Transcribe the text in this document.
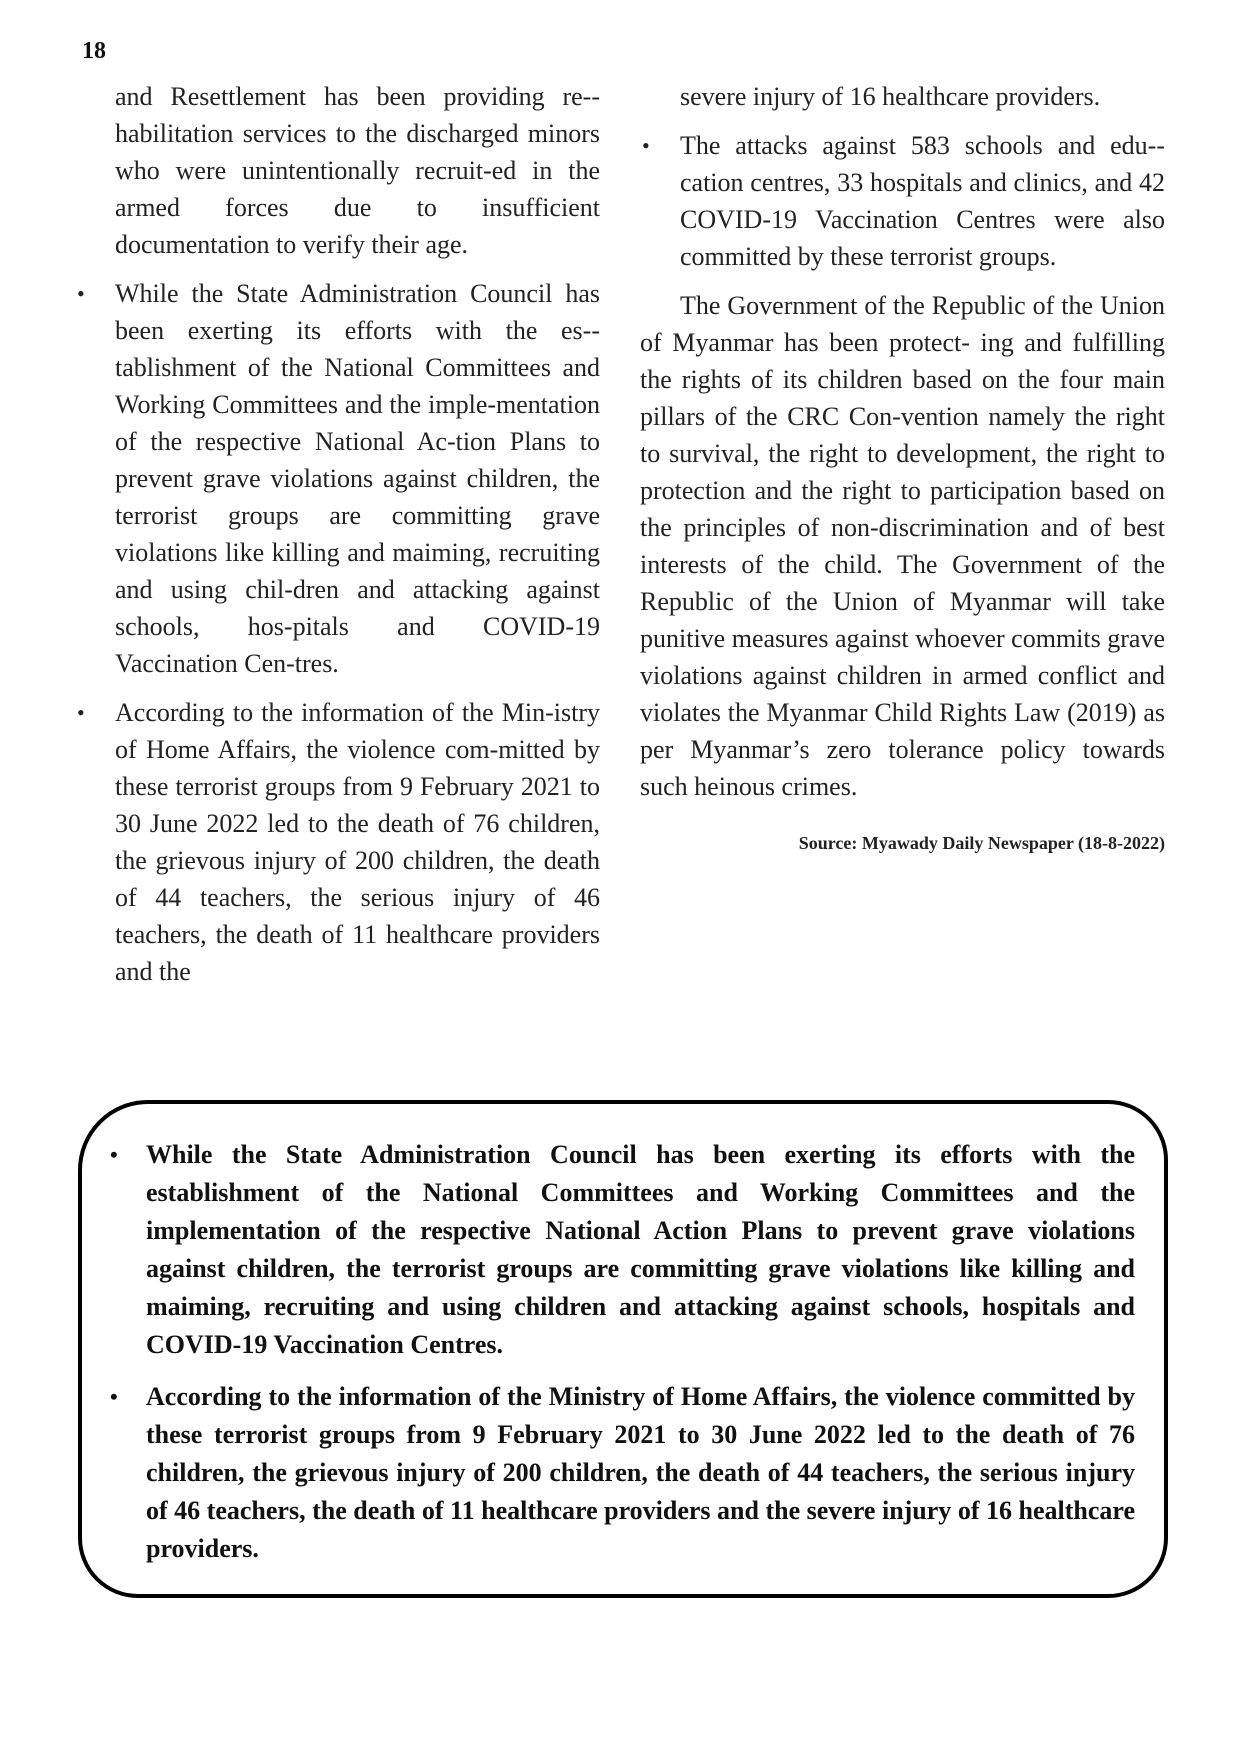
18

and Resettlement has been providing re-habilitation services to the discharged minors who were unintentionally recruit-ed in the armed forces due to insufficient documentation to verify their age.

• While the State Administration Council has been exerting its efforts with the es-tablishment of the National Committees and Working Committees and the imple-mentation of the respective National Ac-tion Plans to prevent grave violations against children, the terrorist groups are committing grave violations like killing and maiming, recruiting and using chil-dren and attacking against schools, hos-pitals and COVID-19 Vaccination Cen-tres.
• According to the information of the Min-istry of Home Affairs, the violence com-mitted by these terrorist groups from 9 February 2021 to 30 June 2022 led to the death of 76 children, the grievous injury of 200 children, the death of 44 teachers, the serious injury of 46 teachers, the death of 11 healthcare providers and the

severe injury of 16 healthcare providers.

• The attacks against 583 schools and edu-cation centres, 33 hospitals and clinics, and 42 COVID-19 Vaccination Centres were also committed by these terrorist groups.

The Government of the Republic of the Union of Myanmar has been protect- ing and fulfilling the rights of its children based on the four main pillars of the CRC Con-vention namely the right to survival, the right to development, the right to protection and the right to participation based on the principles of non-discrimination and of best interests of the child. The Government of the Republic of the Union of Myanmar will take punitive measures against whoever commits grave violations against children in armed conflict and violates the Myanmar Child Rights Law (2019) as per Myanmar’s zero tolerance policy towards such heinous crimes.

Source: Myawady Daily Newspaper (18-8-2022)
• While the State Administration Council has been exerting its efforts with the establishment of the National Committees and Working Committees and the implementation of the respective National Action Plans to prevent grave violations against children, the terrorist groups are committing grave violations like killing and maiming, recruiting and using children and attacking against schools, hospitals and COVID-19 Vaccination Centres.
• According to the information of the Ministry of Home Affairs, the violence committed by these terrorist groups from 9 February 2021 to 30 June 2022 led to the death of 76 children, the grievous injury of 200 children, the death of 44 teachers, the serious injury of 46 teachers, the death of 11 healthcare providers and the severe injury of 16 healthcare providers.
